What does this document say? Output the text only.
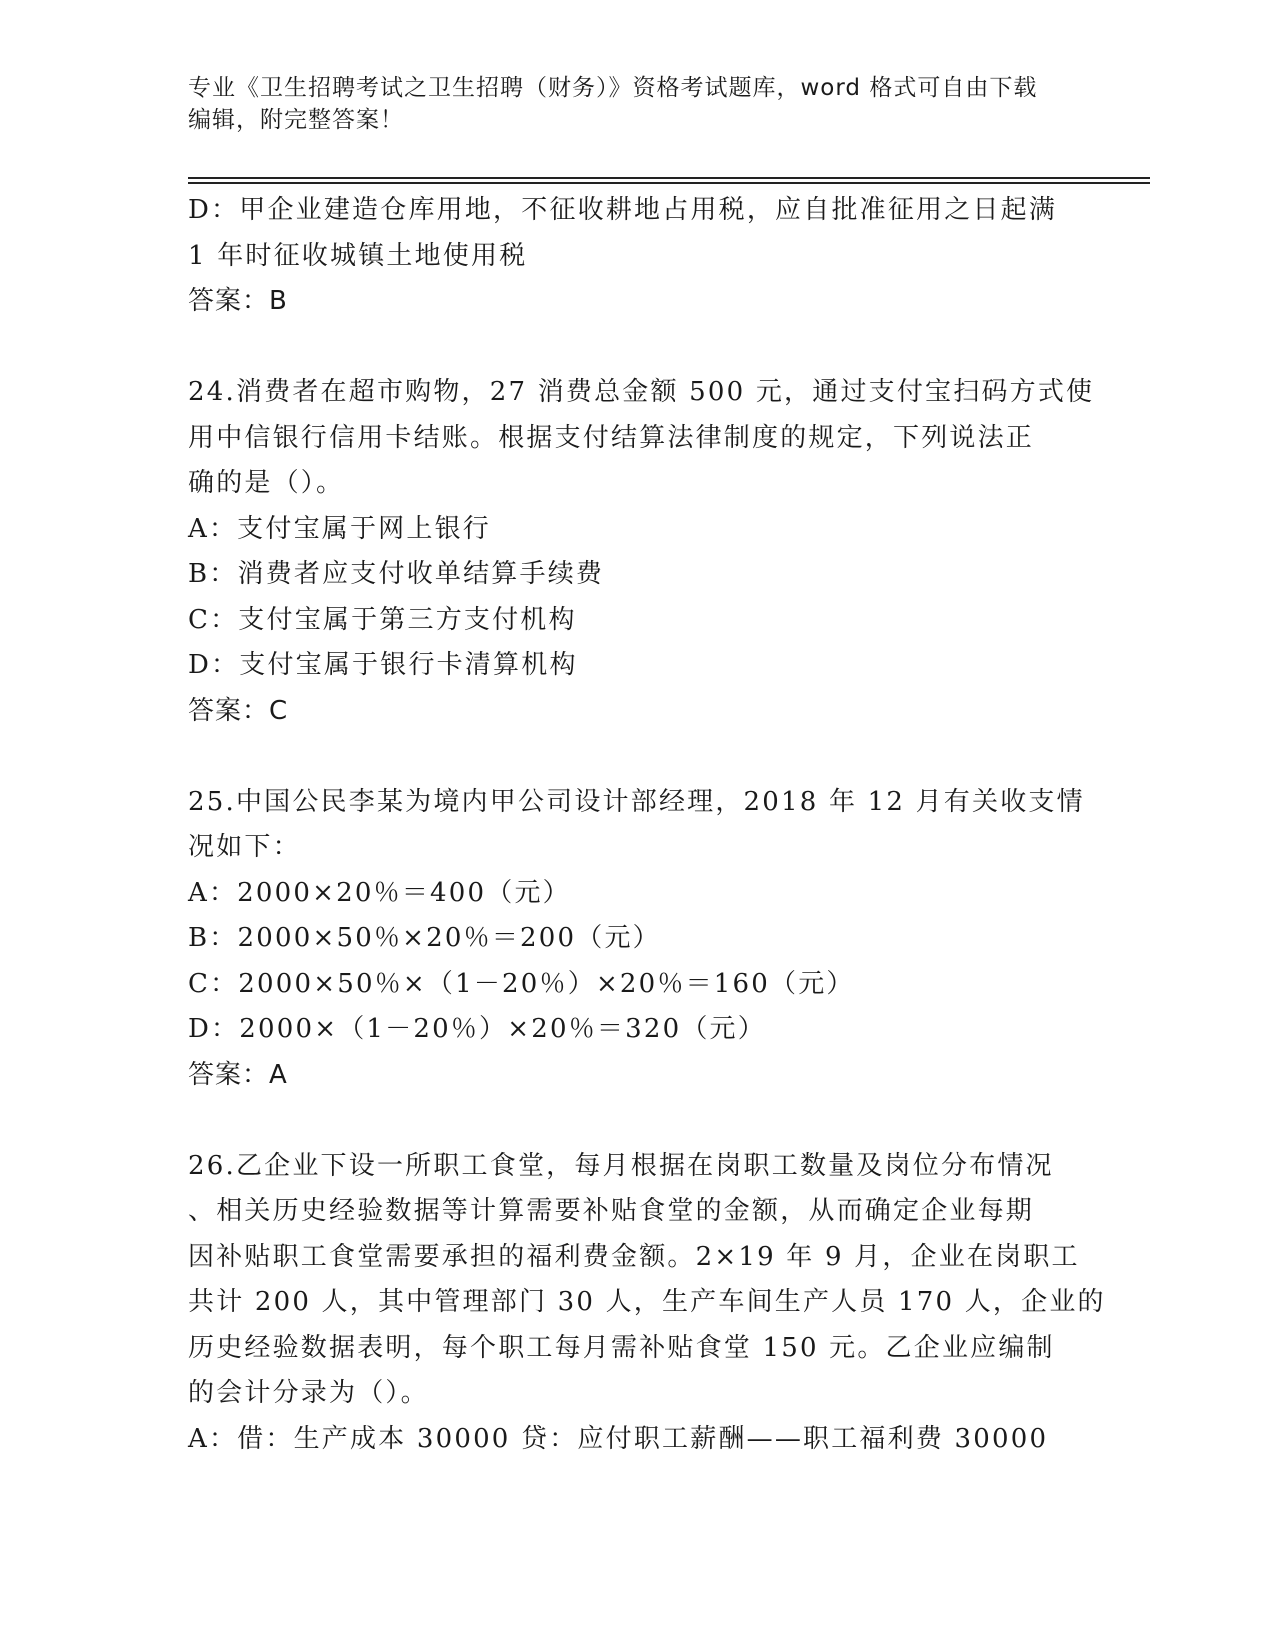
专业《卫生招聘考试之卫生招聘（财务）》资格考试题库，word 格式可自由下载
编辑，附完整答案！
D：甲企业建造仓库用地，不征收耕地占用税，应自批准征用之日起满
1 年时征收城镇土地使用税
答案：B
24.消费者在超市购物，27 消费总金额 500 元，通过支付宝扫码方式使
用中信银行信用卡结账。根据支付结算法律制度的规定，下列说法正
确的是（）。
A：支付宝属于网上银行
B：消费者应支付收单结算手续费
C：支付宝属于第三方支付机构
D：支付宝属于银行卡清算机构
答案：C
25.中国公民李某为境内甲公司设计部经理，2018 年 12 月有关收支情
况如下：
A：2000×20％＝400（元）
B：2000×50％×20％＝200（元）
C：2000×50％×（1－20％）×20％＝160（元）
D：2000×（1－20％）×20％＝320（元）
答案：A
26.乙企业下设一所职工食堂，每月根据在岗职工数量及岗位分布情况
、相关历史经验数据等计算需要补贴食堂的金额，从而确定企业每期
因补贴职工食堂需要承担的福利费金额。2×19 年 9 月，企业在岗职工
共计 200 人，其中管理部门 30 人，生产车间生产人员 170 人，企业的
历史经验数据表明，每个职工每月需补贴食堂 150 元。乙企业应编制
的会计分录为（）。
A：借：生产成本 30000 贷：应付职工薪酬——职工福利费 30000
